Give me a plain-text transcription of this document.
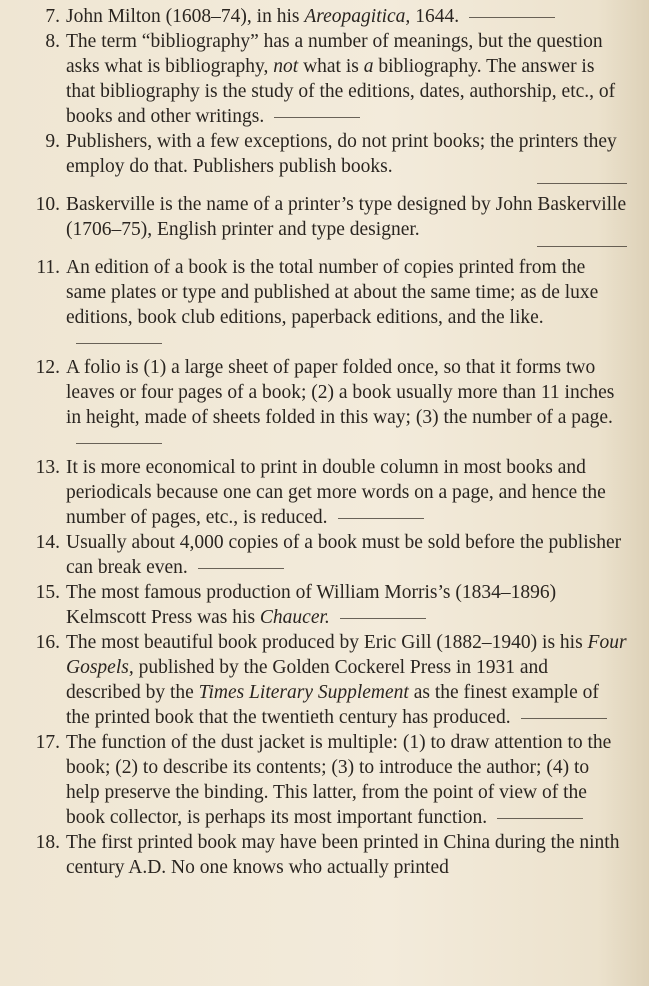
7. John Milton (1608–74), in his Areopagitica, 1644.
8. The term “bibliography” has a number of meanings, but the question asks what is bibliography, not what is a bibliography. The answer is that bibliography is the study of the editions, dates, authorship, etc., of books and other writings.
9. Publishers, with a few exceptions, do not print books; the printers they employ do that. Publishers publish books.
10. Baskerville is the name of a printer’s type designed by John Baskerville (1706–75), English printer and type designer.
11. An edition of a book is the total number of copies printed from the same plates or type and published at about the same time; as de luxe editions, book club editions, paperback editions, and the like.
12. A folio is (1) a large sheet of paper folded once, so that it forms two leaves or four pages of a book; (2) a book usually more than 11 inches in height, made of sheets folded in this way; (3) the number of a page.
13. It is more economical to print in double column in most books and periodicals because one can get more words on a page, and hence the number of pages, etc., is reduced.
14. Usually about 4,000 copies of a book must be sold before the publisher can break even.
15. The most famous production of William Morris’s (1834–1896) Kelmscott Press was his Chaucer.
16. The most beautiful book produced by Eric Gill (1882–1940) is his Four Gospels, published by the Golden Cockerel Press in 1931 and described by the Times Literary Supplement as the finest example of the printed book that the twentieth century has produced.
17. The function of the dust jacket is multiple: (1) to draw attention to the book; (2) to describe its contents; (3) to introduce the author; (4) to help preserve the binding. This latter, from the point of view of the book collector, is perhaps its most important function.
18. The first printed book may have been printed in China during the ninth century A.D. No one knows who actually printed
